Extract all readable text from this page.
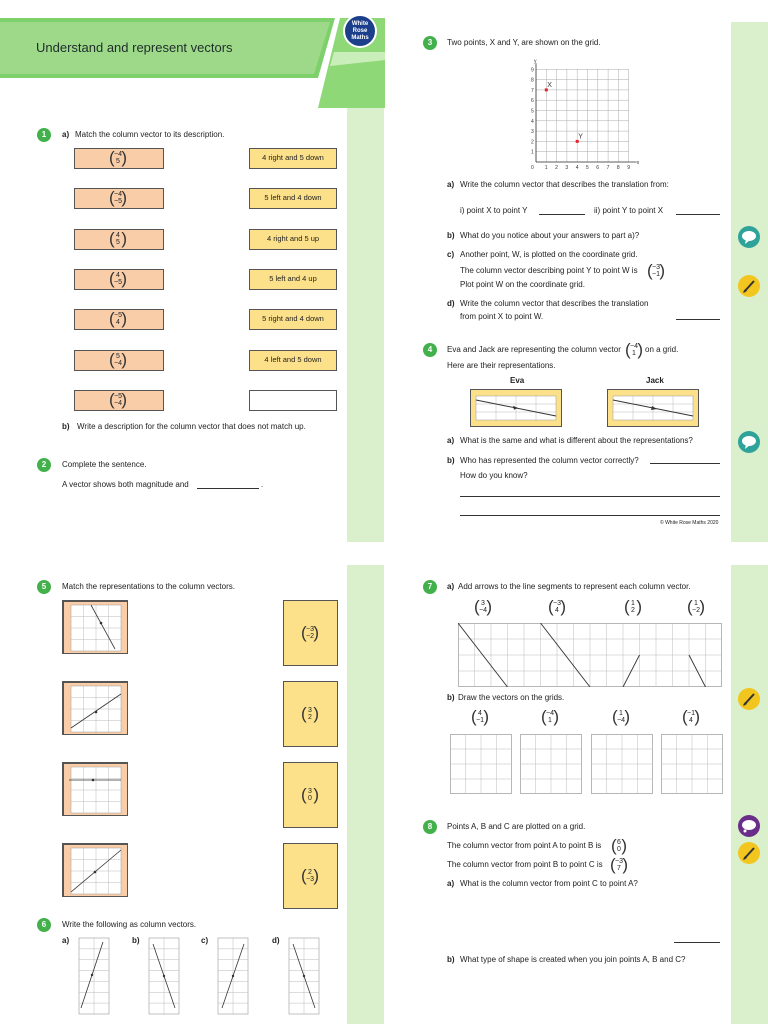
Understand and represent vectors
White
Rose
Maths
1	a) Match the column vector to its description.
( −4
5 )	4 right and 5 down
( −4
−5 )	5 left and 4 down
( 4
5 )	4 right and 5 up
( 4
−5 )	5 left and 4 up
( −5
4 )	5 right and 4 down
( 5
−4 )	4 left and 5 down
( −5
−4 )
b) Write a description for the column vector that does not match up.
2	Complete the sentence.
A vector shows both magnitude and	.
3	Two points, X and Y, are shown on the grid.
0 1 2 3 4 5 6 7 8 9
1
2
3
4
5
6
7
8
9
x
y
X
Y
a) Write the column vector that describes the translation from:
i) point X to point Y	ii) point Y to point X
b) What do you notice about your answers to part a)?
c) Another point, W, is plotted on the coordinate grid.
The column vector describing point Y to point W is ( −3
−1 )
Plot point W on the coordinate grid.
d) Write the column vector that describes the translation
from point X to point W.
4	Eva and Jack are representing the column vector ( −4
1 ) on a grid.
Here are their representations.
Eva	Jack
a) What is the same and what is different about the representations?
b) Who has represented the column vector correctly?
How do you know?
© White Rose Maths 2020
5	Match the representations to the column vectors.
( −3
−2 )
( 3
2 )
( 3
0 )
( 2
−3 )
6	Write the following as column vectors.
a)	b)	c)	d)
7	a) Add arrows to the line segments to represent each column vector.
( 3
−4 )	( −3
4 )	( 1
2 )	( 1
−2 )
b) Draw the vectors on the grids.
( 4
−1 )	( −4
1 )	( 1
−4 )	( −1
4 )
8	Points A, B and C are plotted on a grid.
The column vector from point A to point B is ( 6
0 )
The column vector from point B to point C is ( −3
7 )
a) What is the column vector from point C to point A?
b) What type of shape is created when you join points A, B and C?
